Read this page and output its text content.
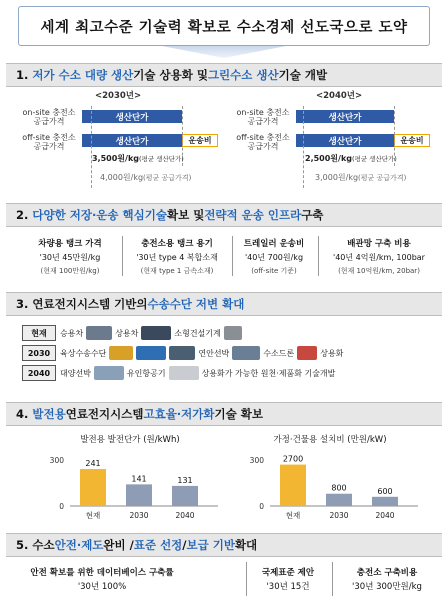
세계 최고수준 기술력 확보로 수소경제 선도국으로 도약
1.
저가 수소 대량 생산 기술 상용화 및 그린수소 생산 기술 개발
<2030년>	<2040년>
on-site 충전소
공급가격
off-site 충전소
공급가격
생산단가
생산단가	운송비
3,500원/kg(평균 생산단가)
4,000원/kg(평균 공급가격)
on-site 충전소
공급가격
off-site 충전소
공급가격
생산단가
생산단가	운송비
2,500원/kg(평균 생산단가)
3,000원/kg(평균 공급가격)
2.
다양한 저장·운송 핵심기술 확보 및 전략적 운송 인프라 구축
차량용 탱크 가격
'30년 45만원/kg
(현재 100만원/kg)
충전소용 탱크 용기
'30년 type 4 복합소재
(현재 type 1 금속소재)
트레일러 운송비
'40년 700원/kg
(off-site 기준)
배관망 구축 비용
'40년 4억원/km, 100bar
(현재 10억원/km, 20bar)
3.
연료전지시스템 기반의 수송수단 저변 확대
현재	승용차	상용차	소형건설기계
2030	육상수송수단	연안선박	수소드론	상용화
2040	대양선박	유인항공기	상용화가 가능한 원천·제품화 기술개발
4.
발전용 연료전지시스템 고효율·저가화 기술 확보
발전용 발전단가 (원/kWh)
300
0
241
현재
141
2030
131
2040
가정·건물용 설치비 (만원/kW)
300
0
2700
현재
800
2030
600
2040
5.
수소 안전·제도 완비 / 표준 선정 / 보급 기반 확대
안전 확보를 위한 데이터베이스 구축률
'30년 100%
국제표준 제안
'30년 15건
충전소 구축비용
'30년 300만원/kg
